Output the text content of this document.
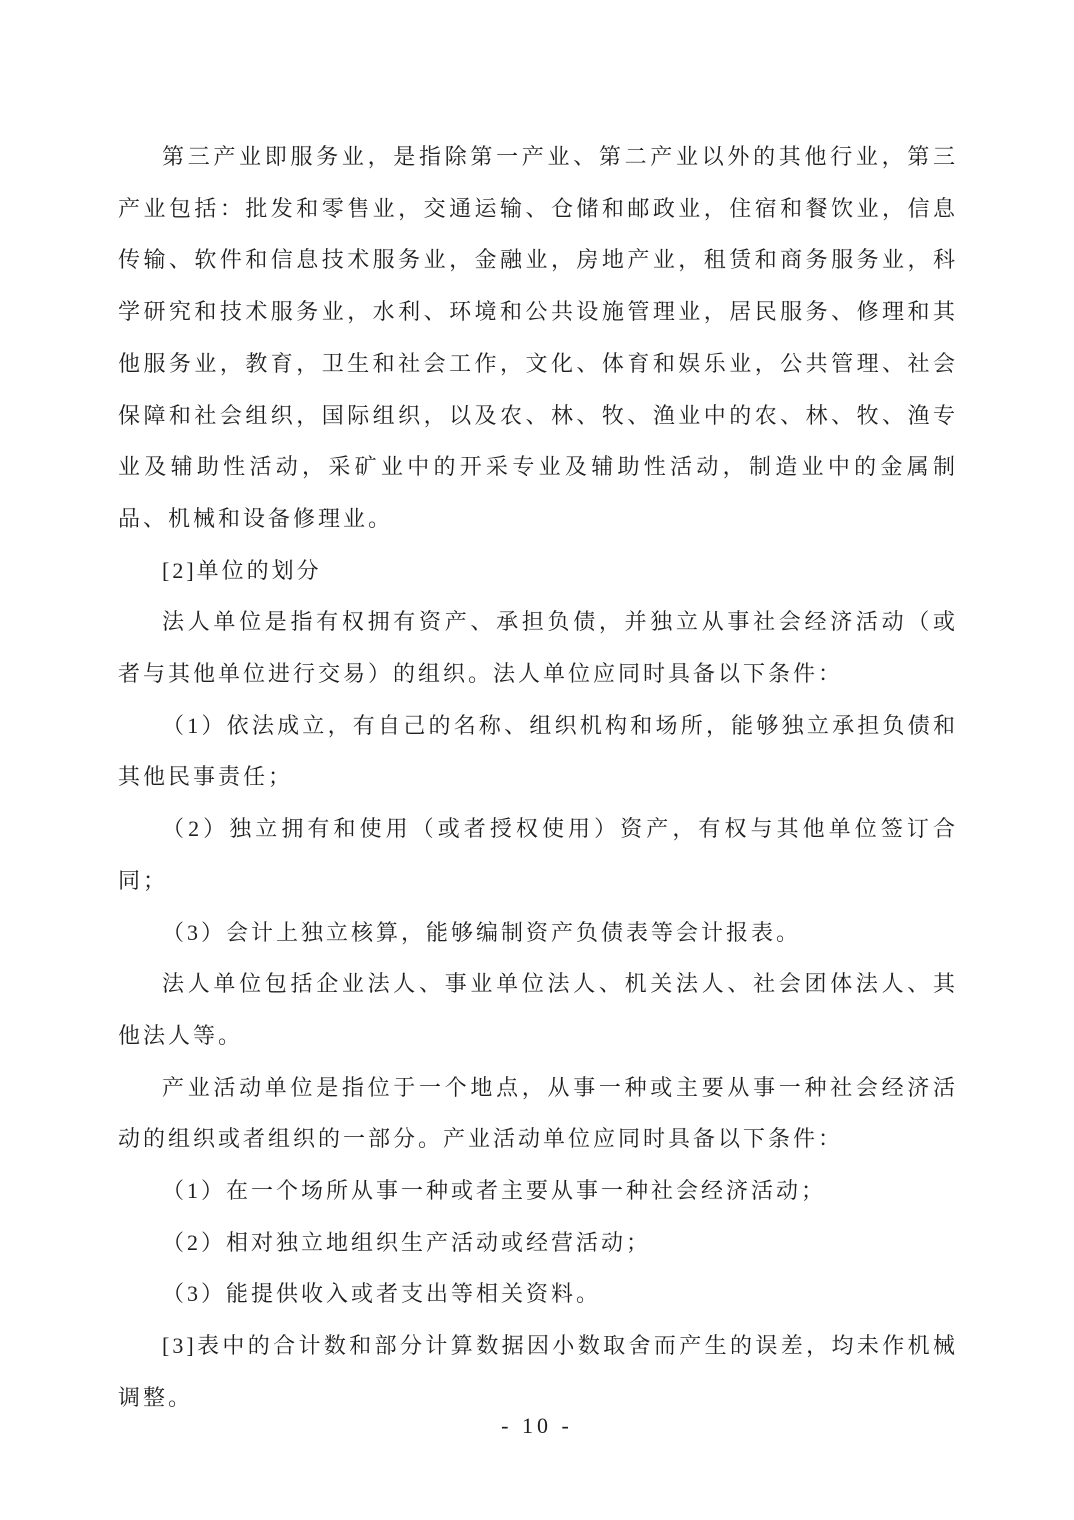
第三产业即服务业，是指除第一产业、第二产业以外的其他行业，第三产业包括：批发和零售业，交通运输、仓储和邮政业，住宿和餐饮业，信息传输、软件和信息技术服务业，金融业，房地产业，租赁和商务服务业，科学研究和技术服务业，水利、环境和公共设施管理业，居民服务、修理和其他服务业，教育，卫生和社会工作，文化、体育和娱乐业，公共管理、社会保障和社会组织，国际组织，以及农、林、牧、渔业中的农、林、牧、渔专业及辅助性活动，采矿业中的开采专业及辅助性活动，制造业中的金属制品、机械和设备修理业。

[2]单位的划分

法人单位是指有权拥有资产、承担负债，并独立从事社会经济活动（或者与其他单位进行交易）的组织。法人单位应同时具备以下条件：

（1）依法成立，有自己的名称、组织机构和场所，能够独立承担负债和其他民事责任；

（2）独立拥有和使用（或者授权使用）资产，有权与其他单位签订合同；

（3）会计上独立核算，能够编制资产负债表等会计报表。

法人单位包括企业法人、事业单位法人、机关法人、社会团体法人、其他法人等。

产业活动单位是指位于一个地点，从事一种或主要从事一种社会经济活动的组织或者组织的一部分。产业活动单位应同时具备以下条件：

（1）在一个场所从事一种或者主要从事一种社会经济活动；

（2）相对独立地组织生产活动或经营活动；

（3）能提供收入或者支出等相关资料。

[3]表中的合计数和部分计算数据因小数取舍而产生的误差，均未作机械调整。

- 10 -
